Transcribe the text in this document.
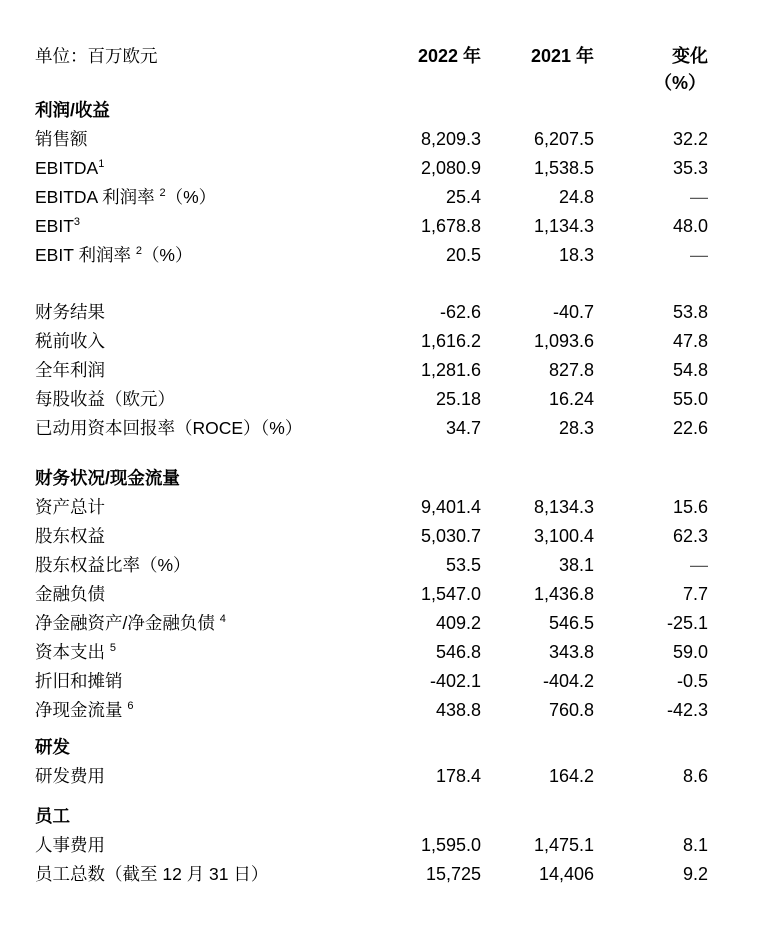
单位：百万欧元	2022 年	2021 年	变化
（%）
利润/收益
销售额	8,209.3	6,207.5	32.2
EBITDA$^1$	2,080.9	1,538.5	35.3
EBITDA 利润率 $^2$（%）	25.4	24.8	—
EBIT$^3$	1,678.8	1,134.3	48.0
EBIT 利润率 $^2$（%）	20.5	18.3	—
财务结果	-62.6	-40.7	53.8
税前收入	1,616.2	1,093.6	47.8
全年利润	1,281.6	827.8	54.8
每股收益（欧元）	25.18	16.24	55.0
已动用资本回报率（ROCE）（%）	34.7	28.3	22.6
财务状况/现金流量
资产总计	9,401.4	8,134.3	15.6
股东权益	5,030.7	3,100.4	62.3
股东权益比率（%）	53.5	38.1	—
金融负债	1,547.0	1,436.8	7.7
净金融资产/净金融负债 $^4$	409.2	546.5	-25.1
资本支出 $^5$	546.8	343.8	59.0
折旧和摊销	-402.1	-404.2	-0.5
净现金流量 $^6$	438.8	760.8	-42.3
研发
研发费用	178.4	164.2	8.6
员工
人事费用	1,595.0	1,475.1	8.1
员工总数（截至 12 月 31 日）	15,725	14,406	9.2
